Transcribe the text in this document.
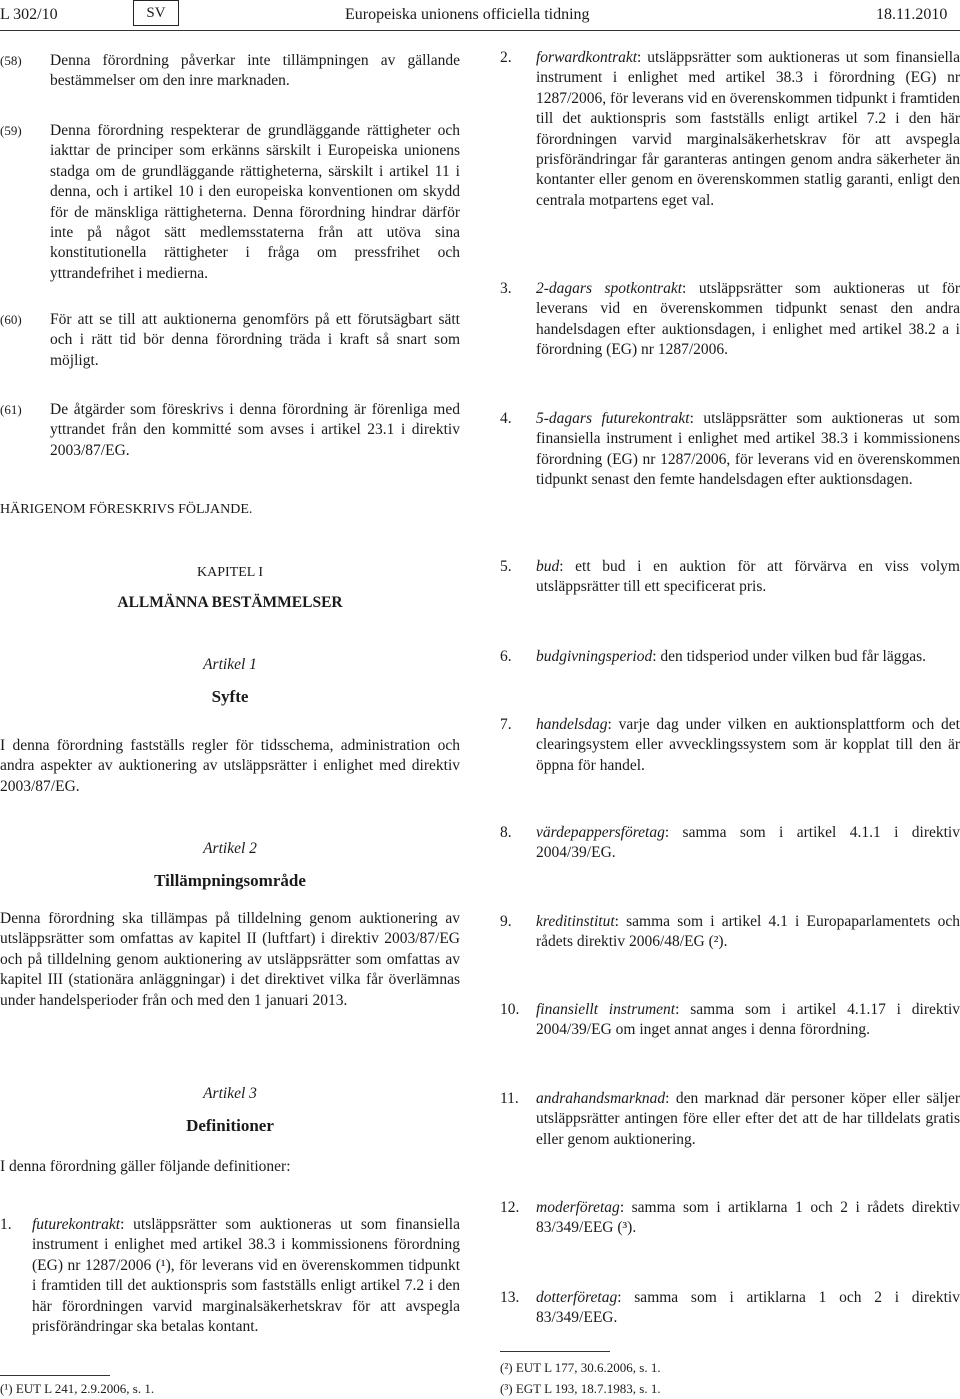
L 302/10	SV	Europeiska unionens officiella tidning	18.11.2010
(58)	Denna förordning påverkar inte tillämpningen av gällande bestämmelser om den inre marknaden.
(59)	Denna förordning respekterar de grundläggande rättigheter och iakttar de principer som erkänns särskilt i Europeiska unionens stadga om de grundläggande rättigheterna, särskilt i artikel 11 i denna, och i artikel 10 i den europeiska konventionen om skydd för de mänskliga rättigheterna. Denna förordning hindrar därför inte på något sätt medlemsstaterna från att utöva sina konstitutionella rättigheter i fråga om pressfrihet och yttrandefrihet i medierna.
(60)	För att se till att auktionerna genomförs på ett förutsägbart sätt och i rätt tid bör denna förordning träda i kraft så snart som möjligt.
(61)	De åtgärder som föreskrivs i denna förordning är förenliga med yttrandet från den kommitté som avses i artikel 23.1 i direktiv 2003/87/EG.
HÄRIGENOM FÖRESKRIVS FÖLJANDE.
KAPITEL I
ALLMÄNNA BESTÄMMELSER
Artikel 1
Syfte
I denna förordning fastställs regler för tidsschema, administration och andra aspekter av auktionering av utsläppsrätter i enlighet med direktiv 2003/87/EG.
Artikel 2
Tillämpningsområde
Denna förordning ska tillämpas på tilldelning genom auktionering av utsläppsrätter som omfattas av kapitel II (luftfart) i direktiv 2003/87/EG och på tilldelning genom auktionering av utsläppsrätter som omfattas av kapitel III (stationära anläggningar) i det direktivet vilka får överlämnas under handelsperioder från och med den 1 januari 2013.
Artikel 3
Definitioner
I denna förordning gäller följande definitioner:
1.	futurekontrakt: utsläppsrätter som auktioneras ut som finansiella instrument i enlighet med artikel 38.3 i kommissionens förordning (EG) nr 1287/2006 (¹), för leverans vid en överenskommen tidpunkt i framtiden till det auktionspris som fastställs enligt artikel 7.2 i den här förordningen varvid marginalsäkerhetskrav för att avspegla prisförändringar ska betalas kontant.
(¹) EUT L 241, 2.9.2006, s. 1.
2.	forwardkontrakt: utsläppsrätter som auktioneras ut som finansiella instrument i enlighet med artikel 38.3 i förordning (EG) nr 1287/2006, för leverans vid en överenskommen tidpunkt i framtiden till det auktionspris som fastställs enligt artikel 7.2 i den här förordningen varvid marginalsäkerhetskrav för att avspegla prisförändringar får garanteras antingen genom andra säkerheter än kontanter eller genom en överenskommen statlig garanti, enligt den centrala motpartens eget val.
3.	2-dagars spotkontrakt: utsläppsrätter som auktioneras ut för leverans vid en överenskommen tidpunkt senast den andra handelsdagen efter auktionsdagen, i enlighet med artikel 38.2 a i förordning (EG) nr 1287/2006.
4.	5-dagars futurekontrakt: utsläppsrätter som auktioneras ut som finansiella instrument i enlighet med artikel 38.3 i kommissionens förordning (EG) nr 1287/2006, för leverans vid en överenskommen tidpunkt senast den femte handelsdagen efter auktionsdagen.
5.	bud: ett bud i en auktion för att förvärva en viss volym utsläppsrätter till ett specificerat pris.
6.	budgivningsperiod: den tidsperiod under vilken bud får läggas.
7.	handelsdag: varje dag under vilken en auktionsplattform och det clearingsystem eller avvecklingssystem som är kopplat till den är öppna för handel.
8.	värdepappersföretag: samma som i artikel 4.1.1 i direktiv 2004/39/EG.
9.	kreditinstitut: samma som i artikel 4.1 i Europaparlamentets och rådets direktiv 2006/48/EG (²).
10.	finansiellt instrument: samma som i artikel 4.1.17 i direktiv 2004/39/EG om inget annat anges i denna förordning.
11.	andrahandsmarknad: den marknad där personer köper eller säljer utsläppsrätter antingen före eller efter det att de har tilldelats gratis eller genom auktionering.
12.	moderföretag: samma som i artiklarna 1 och 2 i rådets direktiv 83/349/EEG (³).
13.	dotterföretag: samma som i artiklarna 1 och 2 i direktiv 83/349/EEG.
(²) EUT L 177, 30.6.2006, s. 1.
(³) EGT L 193, 18.7.1983, s. 1.
